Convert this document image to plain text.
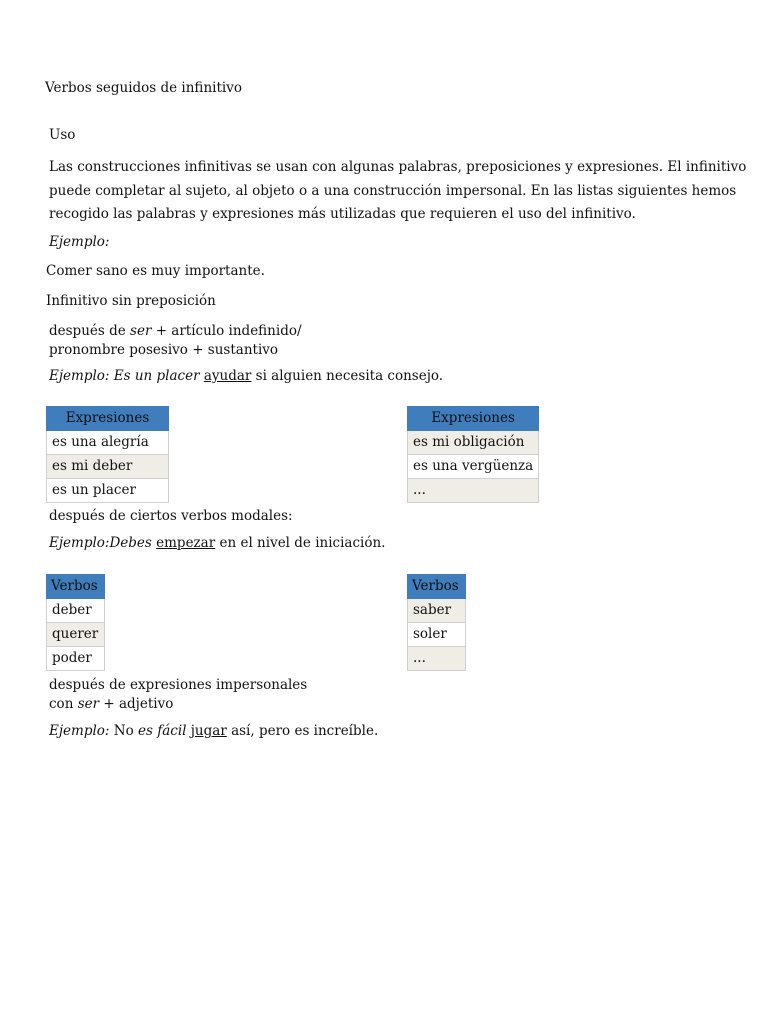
Verbos seguidos de infinitivo

Uso

Las construcciones infinitivas se usan con algunas palabras, preposiciones y expresiones. El infinitivo
puede completar al sujeto, al objeto o a una construcción impersonal. En las listas siguientes hemos
recogido las palabras y expresiones más utilizadas que requieren el uso del infinitivo.

Ejemplo:

Comer sano es muy importante.

Infinitivo sin preposición

después de ser + artículo indefinido/
pronombre posesivo + sustantivo

Ejemplo: Es un placer ayudar si alguien necesita consejo.

Expresiones
es una alegría
es mi deber
es un placer
Expresiones
es mi obligación
es una vergüenza
...

después de ciertos verbos modales:

Ejemplo:Debes empezar en el nivel de iniciación.

Verbos
deber
querer
poder
Verbos
saber
soler
...
después de expresiones impersonales
con ser + adjetivo

Ejemplo: No es fácil jugar así, pero es increíble.
